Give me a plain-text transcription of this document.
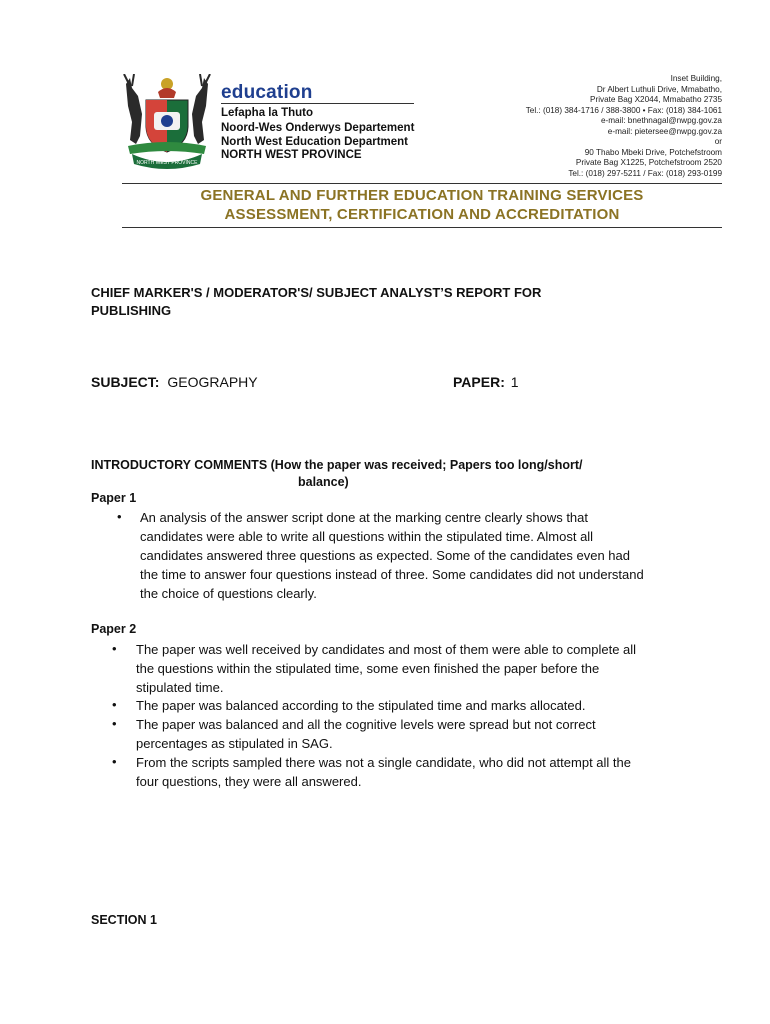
NORTH WEST PROVINCE
education
Lefapha la Thuto
Noord-Wes Onderwys Departement
North West Education Department
NORTH WEST PROVINCE
Inset Building,
Dr Albert Luthuli Drive, Mmabatho,
Private Bag X2044, Mmabatho 2735
Tel.: (018) 384-1716 / 388-3800 • Fax: (018) 384-1061
e-mail: bnethnagal@nwpg.gov.za
e-mail: pietersee@nwpg.gov.za
or
90 Thabo Mbeki Drive, Potchefstroom
Private Bag X1225, Potchefstroom 2520
Tel.: (018) 297-5211 / Fax: (018) 293-0199
GENERAL AND FURTHER EDUCATION TRAINING SERVICES
ASSESSMENT, CERTIFICATION AND ACCREDITATION
CHIEF MARKER'S / MODERATOR'S/ SUBJECT ANALYST’S REPORT FOR
PUBLISHING
SUBJECT: GEOGRAPHY	PAPER: 1
INTRODUCTORY COMMENTS (How the paper was received; Papers too long/short/
balance)
Paper 1
• An analysis of the answer script done at the marking centre clearly shows that
candidates were able to write all questions within the stipulated time. Almost all
candidates answered three questions as expected. Some of the candidates even had
the time to answer four questions instead of three. Some candidates did not understand
the choice of questions clearly.
Paper 2
• The paper was well received by candidates and most of them were able to complete all
the questions within the stipulated time, some even finished the paper before the
stipulated time.
• The paper was balanced according to the stipulated time and marks allocated.
• The paper was balanced and all the cognitive levels were spread but not correct
percentages as stipulated in SAG.
• From the scripts sampled there was not a single candidate, who did not attempt all the
four questions, they were all answered.
SECTION 1
